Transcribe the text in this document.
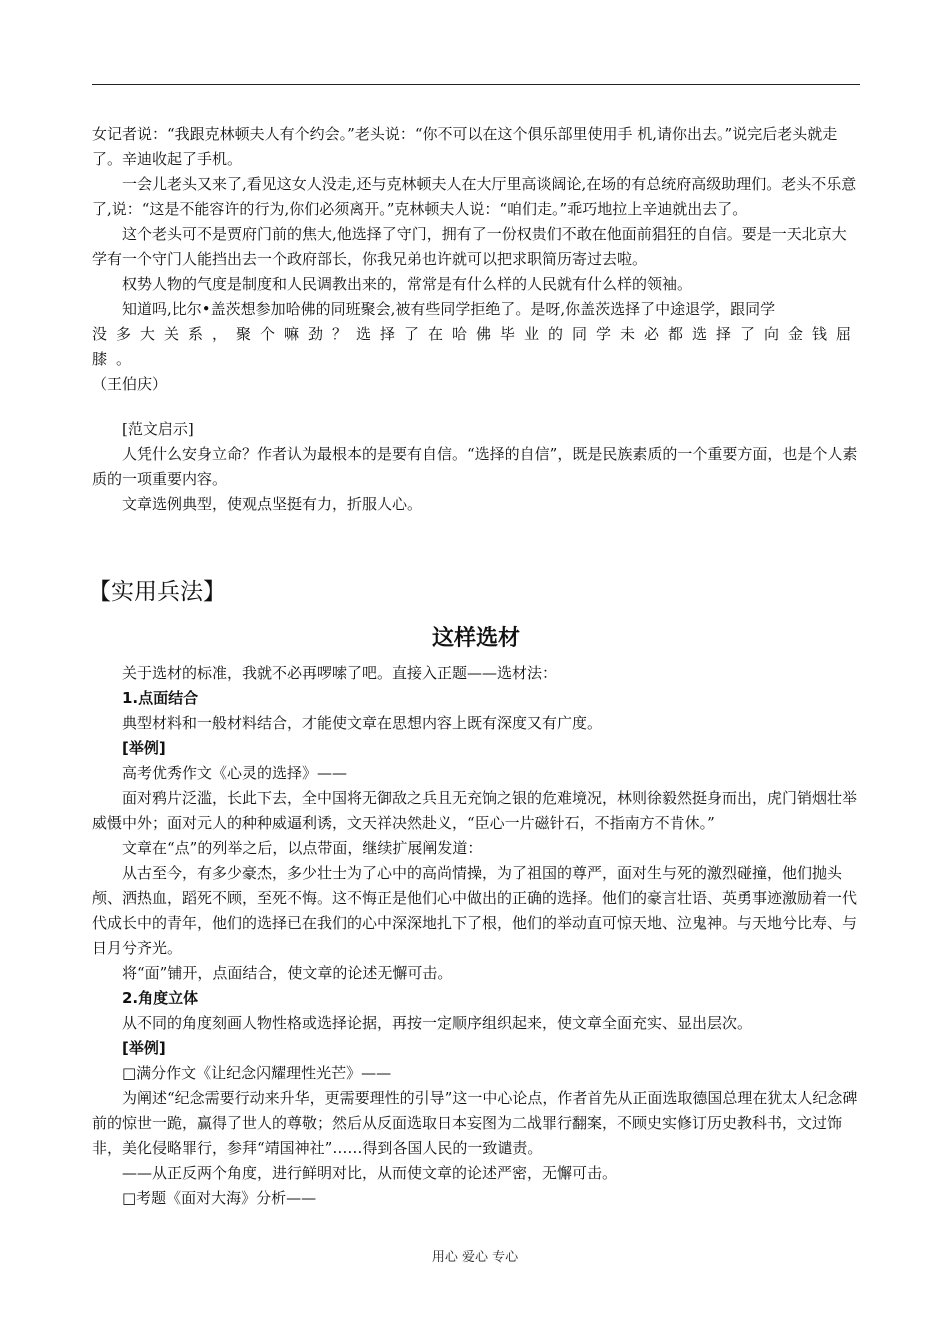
女记者说：“我跟克林顿夫人有个约会。”老头说：“你不可以在这个俱乐部里使用手 机,请你出去。”说完后老头就走了。辛迪收起了手机。

一会儿老头又来了,看见这女人没走,还与克林顿夫人在大厅里高谈阔论,在场的有总统府高级助理们。老头不乐意了,说：“这是不能容许的行为,你们必须离开。”克林顿夫人说：“咱们走。”乖巧地拉上辛迪就出去了。

这个老头可不是贾府门前的焦大,他选择了守门，拥有了一份权贵们不敢在他面前猖狂的自信。要是一天北京大学有一个守门人能挡出去一个政府部长，你我兄弟也许就可以把求职简历寄过去啦。

权势人物的气度是制度和人民调教出来的，常常是有什么样的人民就有什么样的领袖。

知道吗,比尔•盖茨想参加哈佛的同班聚会,被有些同学拒绝了。是呀,你盖茨选择了中途退学，跟同学

没多大关系，聚个嘛劲？选择了在哈佛毕业的同学未必都选择了向金钱屈膝。

（王伯庆）

[范文启示]

人凭什么安身立命？作者认为最根本的是要有自信。“选择的自信”，既是民族素质的一个重要方面，也是个人素质的一项重要内容。

文章选例典型，使观点坚挺有力，折服人心。

【实用兵法】

这样选材

关于选材的标准，我就不必再啰嗦了吧。直接入正题——选材法：

1.点面结合

典型材料和一般材料结合，才能使文章在思想内容上既有深度又有广度。

[举例]

高考优秀作文《心灵的选择》——

面对鸦片泛滥，长此下去，全中国将无御敌之兵且无充饷之银的危难境况，林则徐毅然挺身而出，虎门销烟壮举威慑中外；面对元人的种种威逼利诱，文天祥决然赴义，“臣心一片磁针石，不指南方不肯休。”

文章在“点”的列举之后，以点带面，继续扩展阐发道：

从古至今，有多少豪杰，多少壮士为了心中的高尚情操，为了祖国的尊严，面对生与死的激烈碰撞，他们抛头颅、洒热血，蹈死不顾，至死不悔。这不悔正是他们心中做出的正确的选择。他们的豪言壮语、英勇事迹激励着一代代成长中的青年，他们的选择已在我们的心中深深地扎下了根，他们的举动直可惊天地、泣鬼神。与天地兮比寿、与日月兮齐光。

将“面”铺开，点面结合，使文章的论述无懈可击。

2.角度立体

从不同的角度刻画人物性格或选择论据，再按一定顺序组织起来，使文章全面充实、显出层次。

[举例]

□满分作文《让纪念闪耀理性光芒》——

为阐述“纪念需要行动来升华，更需要理性的引导”这一中心论点，作者首先从正面选取德国总理在犹太人纪念碑前的惊世一跪，赢得了世人的尊敬；然后从反面选取日本妄图为二战罪行翻案，不顾史实修订历史教科书，文过饰非，美化侵略罪行，参拜“靖国神社”……得到各国人民的一致谴责。

——从正反两个角度，进行鲜明对比，从而使文章的论述严密，无懈可击。

□考题《面对大海》分析——

用心 爱心 专心
